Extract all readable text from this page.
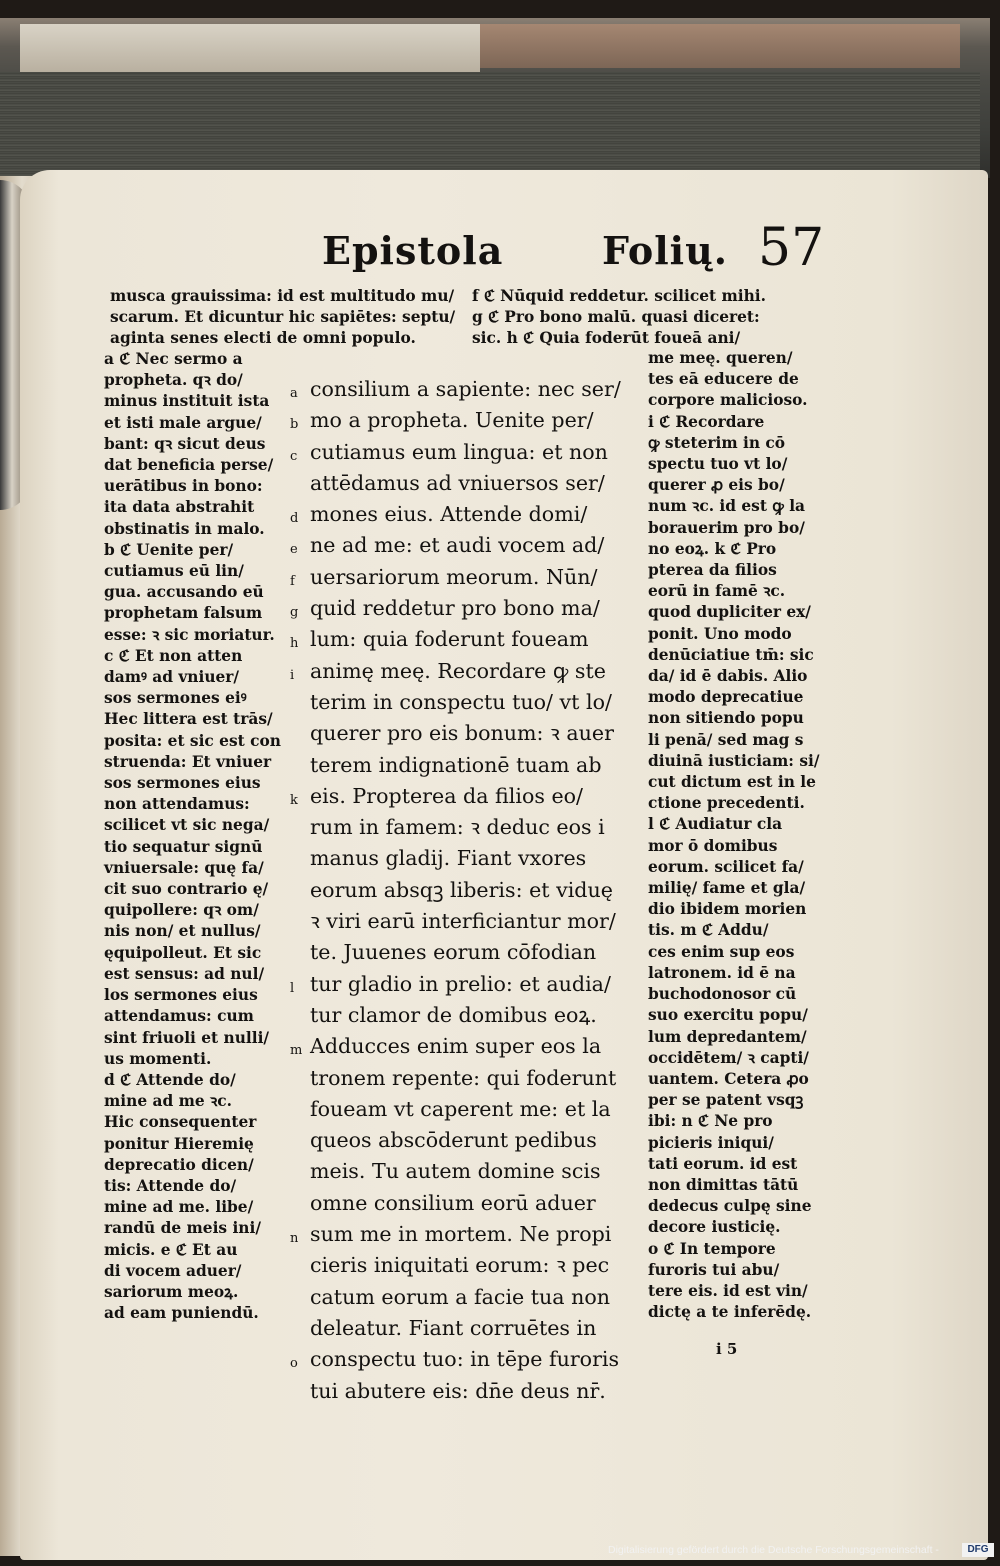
Epistola	Folių. 57
musca grauissima: id est multitudo mu/
scarum. Et dicuntur hic sapiētes: septu/
aginta senes electi de omni populo.
a ℭ Nec sermo a
propheta. qꝛ do/
minus instituit ista
et isti male argue/
bant: qꝛ sicut deus
dat beneficia perse/
uerātibus in bono:
ita data abstrahit
obstinatis in malo.
b ℭ Uenite per/
cutiamus eū lin/
gua. accusando eū
prophetam falsum
esse: ꝛ sic moriatur.
c ℭ Et non atten
damꝰ ad vniuer/
sos sermones eiꝰ
Hec littera est trās/
posita: et sic est con
struenda: Et vniuer
sos sermones eius
non attendamus:
scilicet vt sic nega/
tio sequatur signū
vniuersale: quę fa/
cit suo contrario ę/
quipollere: qꝛ om/
nis non/ et nullus/
ęquipolleut. Et sic
est sensus: ad nul/
los sermones eius
attendamus: cum
sint friuoli et nulli/
us momenti.
d ℭ Attende do/
mine ad me ꝛc.
Hic consequenter
ponitur Hieremię
deprecatio dicen/
tis: Attende do/
mine ad me. libe/
randū de meis ini/
micis. e ℭ Et au
di vocem aduer/
sariorum meoꝝ.
ad eam puniendū.
f ℭ Nūquid reddetur. scilicet mihi.
g ℭ Pro bono malū. quasi diceret:
sic. h ℭ Quia foderūt foueā ani/
me meę. queren/
tes eā educere de
corpore malicioso.
i ℭ Recordare
ꝙ steterim in cō
spectu tuo vt lo/
querer ꝓ eis bo/
num ꝛc. id est ꝙ la
borauerim pro bo/
no eoꝝ. k ℭ Pro
ptereа da filios
eorū in famē ꝛc.
quod dupliciter ex/
ponit. Uno modo
denūciatiue tm̄: sic
da/ id ē dabis. Alio
modo deprecatiue
non sitiendo popu
li penā/ sed mag s
diuinā iusticiam: si/
cut dictum est in le
ctione precedenti.
l ℭ Audiatur cla
mor ō domibus
eorum. scilicet fa/
milię/ fame et gla/
dio ibidem morien
tis. m ℭ Addu/
ces enim sup eos
latronem. id ē na
buchodonosor cū
suo exercitu popu/
lum depredantem/
occidētem/ ꝛ capti/
uantem. Cetera ꝓo
per se patent vsqꝫ
ibi: n ℭ Ne pro
picieris iniqui/
tati eorum. id est
non dimittas tātū
dedecus culpę sine
decore iusticię.
o ℭ In tempore
furoris tui abu/
tere eis. id est vin/
dictę a te inferēdę.
a
b
c

d
e
f
g
h
i

k

l

m

n

o
consilium a sapiente: nec ser/
mo a propheta. Uenite per/
cutiamus eum lingua: et non
attēdamus ad vniuersos ser/
mones eius. Attende domi/
ne ad me: et audi vocem ad/
uersariorum meorum. Nūn/
quid reddetur pro bono ma/
lum: quia foderunt foueam
animę meę. Recordare ꝙ ste
terim in conspectu tuo/ vt lo/
querer pro eis bonum: ꝛ auer
terem indignationē tuam ab
eis. Propterea da filios eo/
rum in famem: ꝛ deduc eos i
manus gladij. Fiant vxores
eorum absqꝫ liberis: et viduę
ꝛ viri earū interficiantur mor/
te. Juuenes eorum cōfodian
tur gladio in prelio: et audia/
tur clamor de domibus eoꝝ.
Adducces enim super eos la
tronem repente: qui foderunt
foueam vt caperent me: et la
queos abscōderunt pedibus
meis. Tu autem domine scis
omne consilium eorū aduer
sum me in mortem. Ne propi
cieris iniquitati eorum: ꝛ pec
catum eorum a facie tua non
deleatur. Fiant corruētes in
conspectu tuo: in tēpe furoris
tui abutere eis: dn̄e deus nr̄.
i 5
Digitalisierung gefördert durch die Deutsche Forschungsgemeinschaft -	DFG
